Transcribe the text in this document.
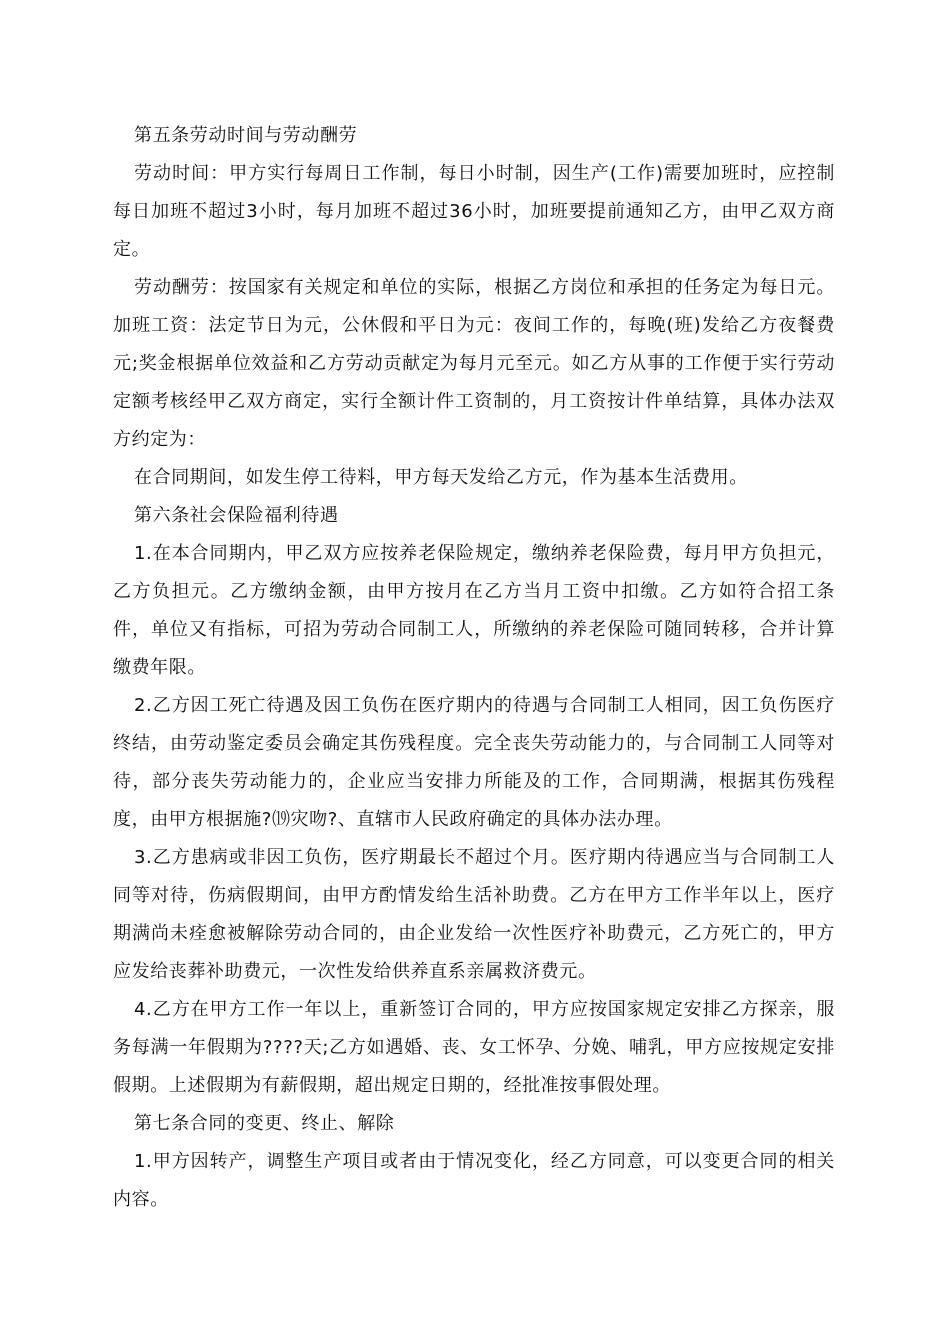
第五条劳动时间与劳动酬劳

劳动时间：甲方实行每周日工作制，每日小时制，因生产(工作)需要加班时，应控制每日加班不超过3小时，每月加班不超过36小时，加班要提前通知乙方，由甲乙双方商定。

劳动酬劳：按国家有关规定和单位的实际，根据乙方岗位和承担的任务定为每日元。加班工资：法定节日为元，公休假和平日为元：夜间工作的，每晚(班)发给乙方夜餐费元;奖金根据单位效益和乙方劳动贡献定为每月元至元。如乙方从事的工作便于实行劳动定额考核经甲乙双方商定，实行全额计件工资制的，月工资按计件单结算，具体办法双方约定为：

在合同期间，如发生停工待料，甲方每天发给乙方元，作为基本生活费用。

第六条社会保险福利待遇

1.在本合同期内，甲乙双方应按养老保险规定，缴纳养老保险费，每月甲方负担元，乙方负担元。乙方缴纳金额，由甲方按月在乙方当月工资中扣缴。乙方如符合招工条件，单位又有指标，可招为劳动合同制工人，所缴纳的养老保险可随同转移，合并计算缴费年限。

2.乙方因工死亡待遇及因工负伤在医疗期内的待遇与合同制工人相同，因工负伤医疗终结，由劳动鉴定委员会确定其伤残程度。完全丧失劳动能力的，与合同制工人同等对待，部分丧失劳动能力的，企业应当安排力所能及的工作，合同期满，根据其伤残程度，由甲方根据施?⒆灾吻?、直辖市人民政府确定的具体办法办理。

3.乙方患病或非因工负伤，医疗期最长不超过个月。医疗期内待遇应当与合同制工人同等对待，伤病假期间，由甲方酌情发给生活补助费。乙方在甲方工作半年以上，医疗期满尚未痊愈被解除劳动合同的，由企业发给一次性医疗补助费元，乙方死亡的，甲方应发给丧葬补助费元，一次性发给供养直系亲属救济费元。

4.乙方在甲方工作一年以上，重新签订合同的，甲方应按国家规定安排乙方探亲，服务每满一年假期为????天;乙方如遇婚、丧、女工怀孕、分娩、哺乳，甲方应按规定安排假期。上述假期为有薪假期，超出规定日期的，经批准按事假处理。

第七条合同的变更、终止、解除

1.甲方因转产，调整生产项目或者由于情况变化，经乙方同意，可以变更合同的相关内容。
